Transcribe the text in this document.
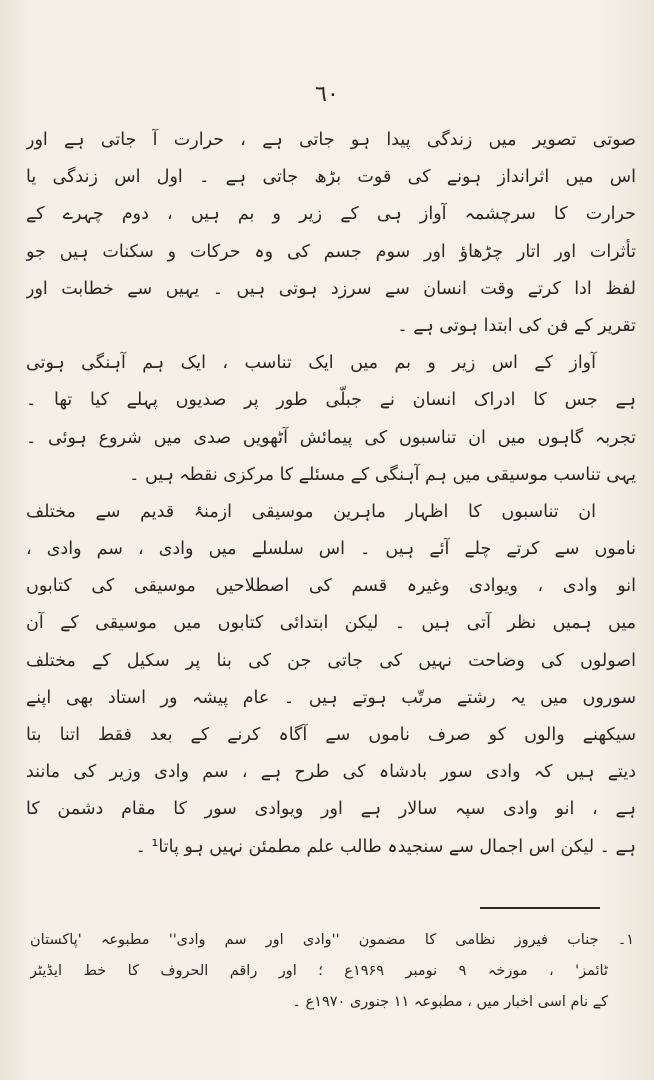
٦٠
صوتی تصویر میں زندگی پیدا ہو جاتی ہے ، حرارت آ جاتی ہے اور
اس میں اثرانداز ہونے کی قوت بڑھ جاتی ہے ۔ اول اس زندگی یا
حرارت کا سرچشمہ آواز ہی کے زیر و بم ہیں ، دوم چہرے کے
تأثرات اور اتار چڑھاؤ اور سوم جسم کی وہ حرکات و سکنات ہیں جو
لفظ ادا کرتے وقت انسان سے سرزد ہوتی ہیں ۔ یہیں سے خطابت اور
تقریر کے فن کی ابتدا ہوتی ہے ۔
آواز کے اس زیر و بم میں ایک تناسب ، ایک ہم آہنگی ہوتی
ہے جس کا ادراک انسان نے جبلّی طور پر صدیوں پہلے کیا تھا ۔
تجربہ گاہوں میں ان تناسبوں کی پیمائش آٹھویں صدی میں شروع ہوئی ۔
یہی تناسب موسیقی میں ہم آہنگی کے مسئلے کا مرکزی نقطہ ہیں ۔
ان تناسبوں کا اظہار ماہرین موسیقی ازمنۂ قدیم سے مختلف
ناموں سے کرتے چلے آئے ہیں ۔ اس سلسلے میں وادی ، سم وادی ،
انو وادی ، ویوادی وغیرہ قسم کی اصطلاحیں موسیقی کی کتابوں
میں ہمیں نظر آتی ہیں ۔ لیکن ابتدائی کتابوں میں موسیقی کے آن
اصولوں کی وضاحت نہیں کی جاتی جن کی بنا پر سکیل کے مختلف
سوروں میں یہ رشتے مرتّب ہوتے ہیں ۔ عام پیشہ ور استاد بھی اپنے
سیکھنے والوں کو صرف ناموں سے آگاہ کرنے کے بعد فقط اتنا بتا
دیتے ہیں کہ وادی سور بادشاہ کی طرح ہے ، سم وادی وزیر کی مانند
ہے ، انو وادی سپہ سالار ہے اور ویوادی سور کا مقام دشمن کا
ہے ۔ لیکن اس اجمال سے سنجیدہ طالب علم مطمئن نہیں ہو پاتا¹ ۔
۱۔ جناب فیروز نظامی کا مضمون ''وادی اور سم وادی'' مطبوعہ 'پاکستان
ٹائمز' ، مورخہ ۹ نومبر ۱۹۶۹ع ؛ اور راقم الحروف کا خط ایڈیٹر
کے نام اسی اخبار میں ، مطبوعہ ۱۱ جنوری ۱۹۷۰ع ۔
